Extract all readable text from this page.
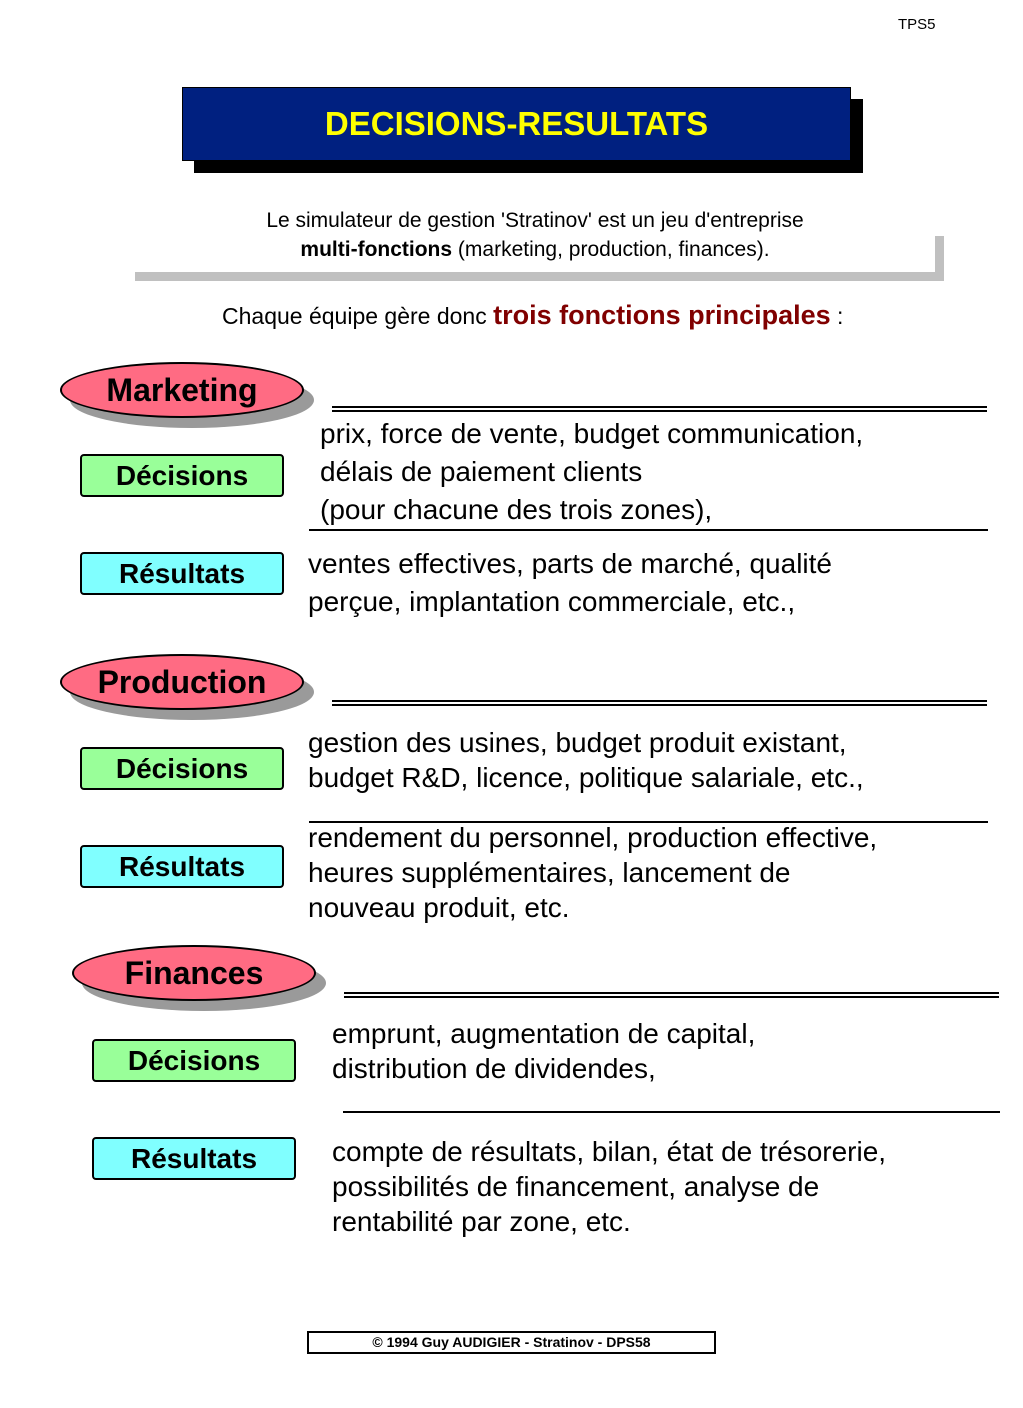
TPS5
DECISIONS-RESULTATS

Le simulateur de gestion 'Stratinov' est un jeu d'entreprise

multi-fonctions (marketing, production, finances).

Chaque équipe gère donc trois fonctions principales :
Marketing
Décisions

prix, force de vente, budget communication,

délais de paiement clients

(pour chacune des trois zones),

Résultats	ventes effectives, parts de marché, qualité

perçue, implantation commerciale, etc.,

Production
Décisions

gestion des usines, budget produit existant,

budget R&D, licence, politique salariale, etc.,

Résultats

rendement du personnel, production effective,

heures supplémentaires, lancement de

nouveau produit, etc.

Finances
Décisions

emprunt, augmentation de capital,

distribution de dividendes,

Résultats	compte de résultats, bilan, état de trésorerie,

possibilités de financement, analyse de

rentabilité par zone, etc.

© 1994 Guy AUDIGIER - Stratinov - DPS58
